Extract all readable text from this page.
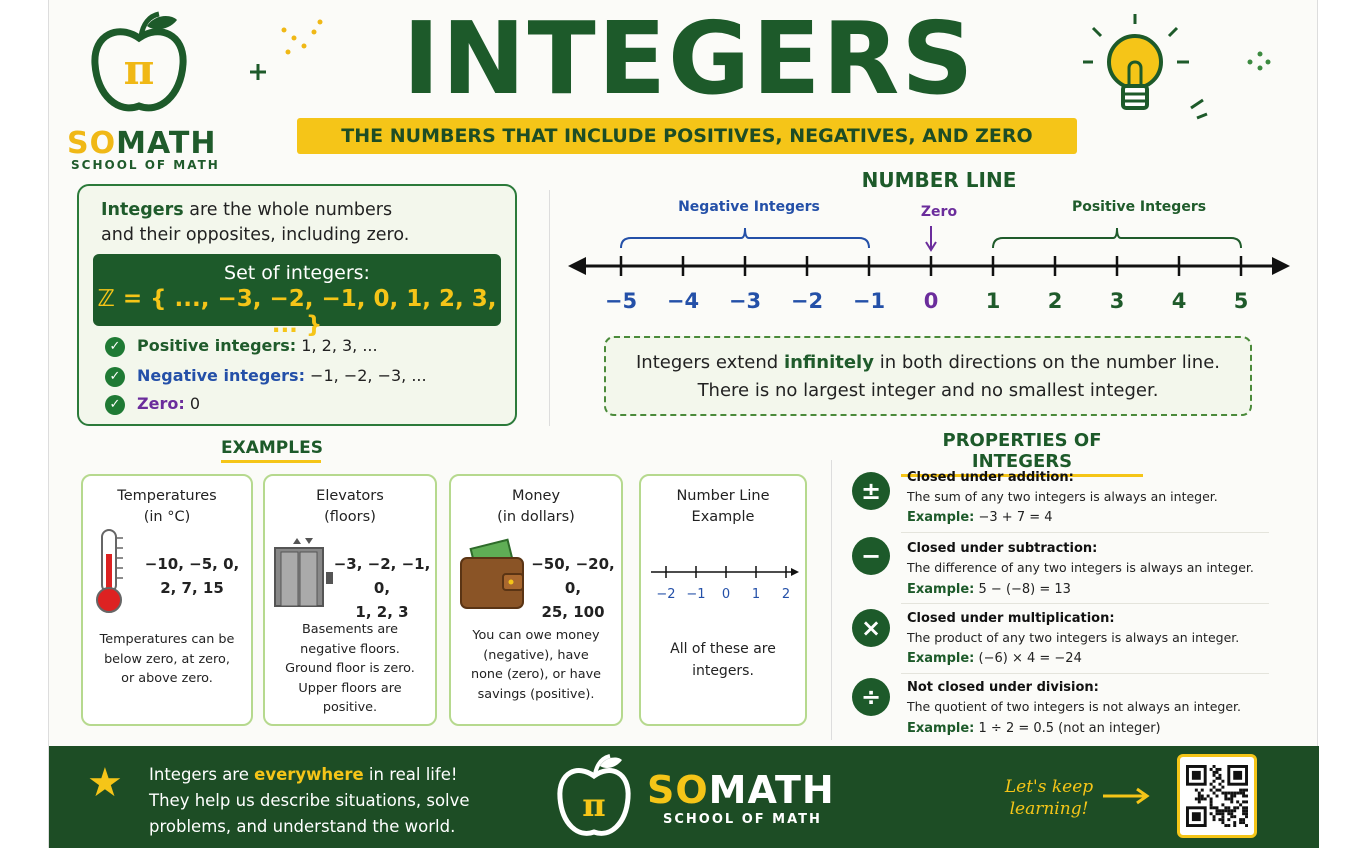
π
SOMATH
SCHOOL OF MATH
INTEGERS
THE NUMBERS THAT INCLUDE POSITIVES, NEGATIVES, AND ZERO
Integers are the whole numbers
and their opposites, including zero.
Set of integers:
ℤ = { ..., −3, −2, −1, 0, 1, 2, 3, ... }
✓ Positive integers: 1, 2, 3, ...
✓ Negative integers: −1, −2, −3, ...
✓ Zero: 0
NUMBER LINE
Negative Integers	Zero	Positive Integers
−5 −4 −3 −2 −1 0 1 2 3 4 5
Integers extend infinitely in both directions on the number line.
There is no largest integer and no smallest integer.
EXAMPLES
Temperatures
(in °C)
−10, −5, 0,
2, 7, 15
Temperatures can be
below zero, at zero,
or above zero.
Elevators
(floors)
−3, −2, −1, 0,
1, 2, 3
Basements are
negative floors.
Ground floor is zero.
Upper floors are
positive.
Money
(in dollars)
−50, −20, 0,
25, 100
You can owe money
(negative), have
none (zero), or have
savings (positive).
Number Line
Example
−2 −1 0 1 2
All of these are
integers.
PROPERTIES OF INTEGERS
±	Closed under addition:
The sum of any two integers is always an integer.
Example: −3 + 7 = 4
−	Closed under subtraction:
The difference of any two integers is always an integer.
Example: 5 − (−8) = 13
×	Closed under multiplication:
The product of any two integers is always an integer.
Example: (−6) × 4 = −24
÷	Not closed under division:
The quotient of two integers is not always an integer.
Example: 1 ÷ 2 = 0.5 (not an integer)
★ Integers are everywhere in real life!
They help us describe situations, solve
problems, and understand the world.
π SOMATH
SCHOOL OF MATH
Let's keep
learning!
